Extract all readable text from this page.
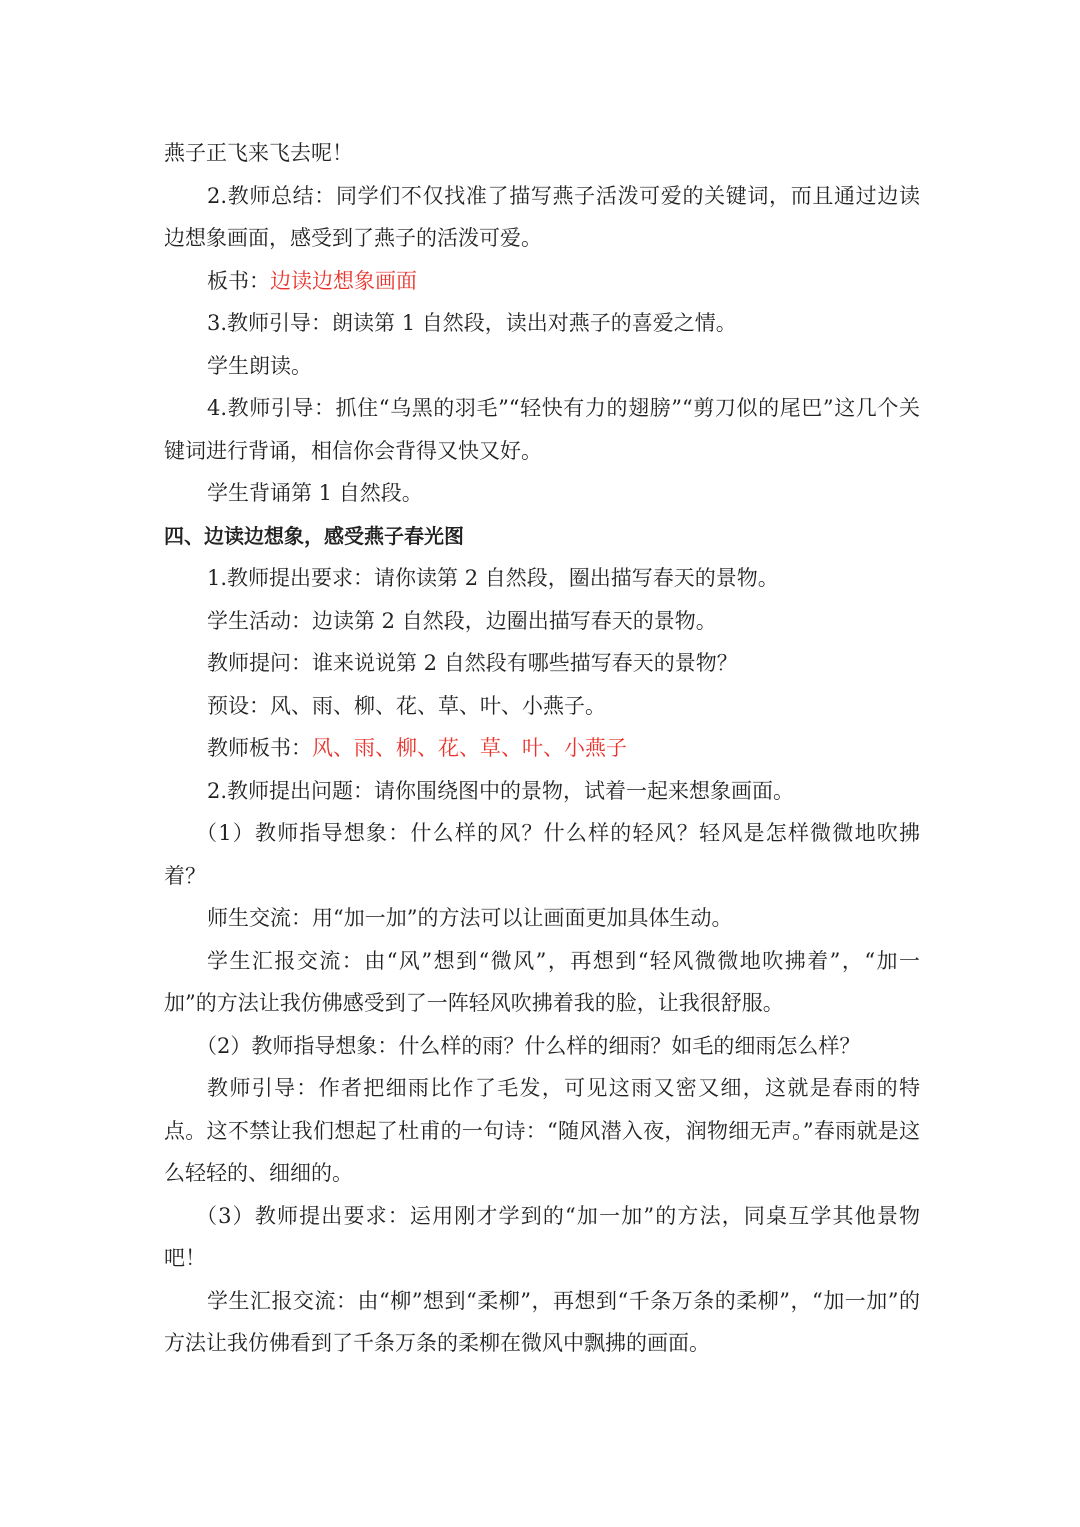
燕子正飞来飞去呢！

2.教师总结：同学们不仅找准了描写燕子活泼可爱的关键词，而且通过边读边想象画面，感受到了燕子的活泼可爱。

板书：边读边想象画面

3.教师引导：朗读第 1 自然段，读出对燕子的喜爱之情。

学生朗读。

4.教师引导：抓住“乌黑的羽毛”“轻快有力的翅膀”“剪刀似的尾巴”这几个关键词进行背诵，相信你会背得又快又好。

学生背诵第 1 自然段。

四、边读边想象，感受燕子春光图

1.教师提出要求：请你读第 2 自然段，圈出描写春天的景物。

学生活动：边读第 2 自然段，边圈出描写春天的景物。

教师提问：谁来说说第 2 自然段有哪些描写春天的景物？

预设：风、雨、柳、花、草、叶、小燕子。

教师板书：风、雨、柳、花、草、叶、小燕子

2.教师提出问题：请你围绕图中的景物，试着一起来想象画面。

（1）教师指导想象：什么样的风？什么样的轻风？轻风是怎样微微地吹拂着？

师生交流：用“加一加”的方法可以让画面更加具体生动。

学生汇报交流：由“风”想到“微风”，再想到“轻风微微地吹拂着”，“加一加”的方法让我仿佛感受到了一阵轻风吹拂着我的脸，让我很舒服。

（2）教师指导想象：什么样的雨？什么样的细雨？如毛的细雨怎么样？

教师引导：作者把细雨比作了毛发，可见这雨又密又细，这就是春雨的特点。这不禁让我们想起了杜甫的一句诗：“随风潜入夜，润物细无声。”春雨就是这么轻轻的、细细的。

（3）教师提出要求：运用刚才学到的“加一加”的方法，同桌互学其他景物吧！

学生汇报交流：由“柳”想到“柔柳”，再想到“千条万条的柔柳”，“加一加”的方法让我仿佛看到了千条万条的柔柳在微风中飘拂的画面。
